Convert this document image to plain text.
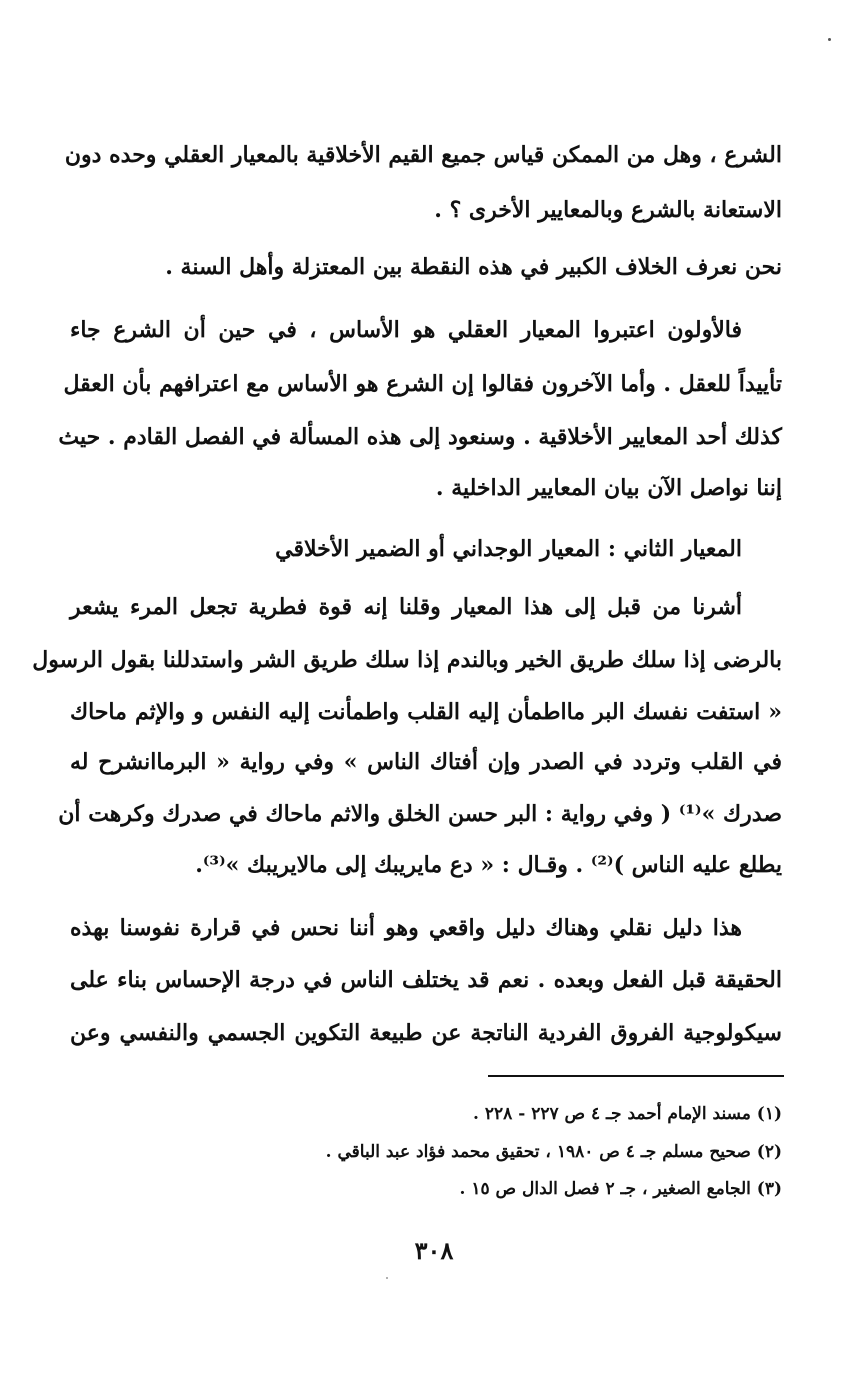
الشرع ، وهل من الممكن قياس جميع القيم الأخلاقية بالمعيار العقلي وحده دون
الاستعانة بالشرع وبالمعايير الأخرى ؟ .
نحن نعرف الخلاف الكبير في هذه النقطة بين المعتزلة وأهل السنة .
فالأولون اعتبروا المعيار العقلي هو الأساس ، في حين أن الشرع جاء
تأييداً للعقل . وأما الآخرون فقالوا إن الشرع هو الأساس مع اعترافهم بأن العقل
كذلك أحد المعايير الأخلاقية . وسنعود إلى هذه المسألة في الفصل القادم . حيث
إننا نواصل الآن بيان المعايير الداخلية .
المعيار الثاني : المعيار الوجداني أو الضمير الأخلاقي
أشرنا من قبل إلى هذا المعيار وقلنا إنه قوة فطرية تجعل المرء يشعر
بالرضى إذا سلك طريق الخير وبالندم إذا سلك طريق الشر واستدللنا بقول الرسول
« استفت نفسك البر مااطمأن إليه القلب واطمأنت إليه النفس و والإثم ماحاك
في القلب وتردد في الصدر وإن أفتاك الناس » وفي رواية « البرماانشرح له
صدرك »⁽¹⁾ ( وفي رواية : البر حسن الخلق والاثم ماحاك في صدرك وكرهت أن
يطلع عليه الناس )⁽²⁾ . وقـال : « دع مايريبك إلى مالايريبك »⁽³⁾.
هذا دليل نقلي وهناك دليل واقعي وهو أننا نحس في قرارة نفوسنا بهذه
الحقيقة قبل الفعل وبعده . نعم قد يختلف الناس في درجة الإحساس بناء على
سيكولوجية الفروق الفردية الناتجة عن طبيعة التكوين الجسمي والنفسي وعن
(١) مسند الإمام أحمد جـ ٤ ص ٢٢٧ - ٢٢٨ .
(٢) صحيح مسلم جـ ٤ ص ١٩٨٠ ، تحقيق محمد فؤاد عبد الباقي .
(٣) الجامع الصغير ، جـ ٢ فصل الدال ص ١٥ .
٣٠٨
